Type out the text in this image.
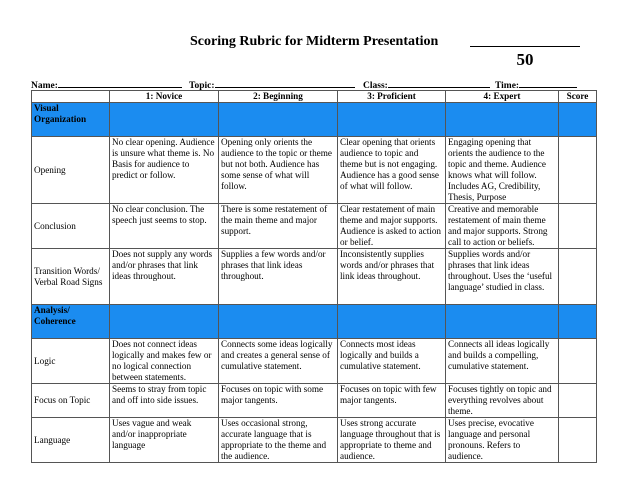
Scoring Rubric for Midterm Presentation
50
Name:	Topic:	Class:	Time:
	1: Novice	2: Beginning	3: Proficient	4: Expert	Score
Visual Organization					
Opening	No clear opening. Audience is unsure what theme is. No Basis for audience to predict or follow.	Opening only orients the audience to the topic or theme but not both. Audience has some sense of what will follow.	Clear opening that orients audience to topic and theme but is not engaging. Audience has a good sense of what will follow.	Engaging opening that orients the audience to the topic and theme. Audience knows what will follow. Includes AG, Credibility, Thesis, Purpose	
Conclusion	No clear conclusion. The speech just seems to stop.	There is some restatement of the main theme and major support.	Clear restatement of main theme and major supports. Audience is asked to action or belief.	Creative and memorable restatement of main theme and major supports. Strong call to action or beliefs.	
Transition Words/ Verbal Road Signs	Does not supply any words and/or phrases that link ideas throughout.	Supplies a few words and/or phrases that link ideas throughout.	Inconsistently supplies words and/or phrases that link ideas throughout.	Supplies words and/or phrases that link ideas throughout. Uses the ‘useful language’ studied in class.	
Analysis/ Coherence					
Logic	Does not connect ideas logically and makes few or no logical connection between statements.	Connects some ideas logically and creates a general sense of cumulative statement.	Connects most ideas logically and builds a cumulative statement.	Connects all ideas logically and builds a compelling, cumulative statement.	
Focus on Topic	Seems to stray from topic and off into side issues.	Focuses on topic with some major tangents.	Focuses on topic with few major tangents.	Focuses tightly on topic and everything revolves about theme.	
Language	Uses vague and weak and/or inappropriate language	Uses occasional strong, accurate language that is appropriate to the theme and the audience.	Uses strong accurate language throughout that is appropriate to theme and audience.	Uses precise, evocative language and personal pronouns. Refers to audience.	
